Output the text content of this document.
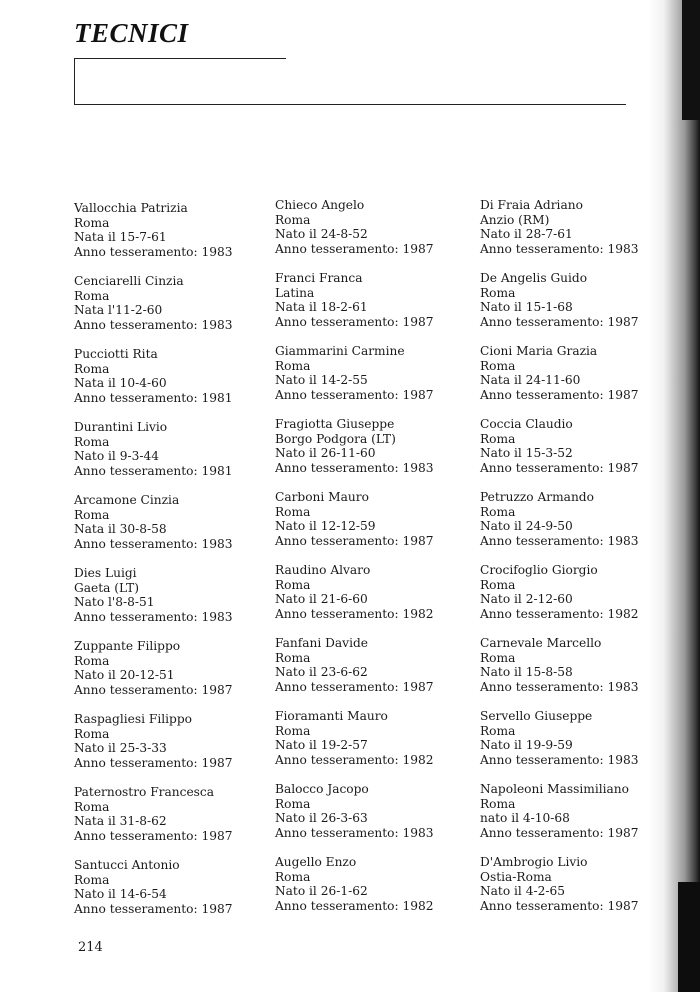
TECNICI
Vallocchia Patrizia
Roma
Nata il 15-7-61
Anno tesseramento: 1983
Cenciarelli Cinzia
Roma
Nata l'11-2-60
Anno tesseramento: 1983
Pucciotti Rita
Roma
Nata il 10-4-60
Anno tesseramento: 1981
Durantini Livio
Roma
Nato il 9-3-44
Anno tesseramento: 1981
Arcamone Cinzia
Roma
Nata il 30-8-58
Anno tesseramento: 1983
Dies Luigi
Gaeta (LT)
Nato l'8-8-51
Anno tesseramento: 1983
Zuppante Filippo
Roma
Nato il 20-12-51
Anno tesseramento: 1987
Raspagliesi Filippo
Roma
Nato il 25-3-33
Anno tesseramento: 1987
Paternostro Francesca
Roma
Nata il 31-8-62
Anno tesseramento: 1987
Santucci Antonio
Roma
Nato il 14-6-54
Anno tesseramento: 1987
Chieco Angelo
Roma
Nato il 24-8-52
Anno tesseramento: 1987
Franci Franca
Latina
Nata il 18-2-61
Anno tesseramento: 1987
Giammarini Carmine
Roma
Nato il 14-2-55
Anno tesseramento: 1987
Fragiotta Giuseppe
Borgo Podgora (LT)
Nato il 26-11-60
Anno tesseramento: 1983
Carboni Mauro
Roma
Nato il 12-12-59
Anno tesseramento: 1987
Raudino Alvaro
Roma
Nato il 21-6-60
Anno tesseramento: 1982
Fanfani Davide
Roma
Nato il 23-6-62
Anno tesseramento: 1987
Fioramanti Mauro
Roma
Nato il 19-2-57
Anno tesseramento: 1982
Balocco Jacopo
Roma
Nato il 26-3-63
Anno tesseramento: 1983
Augello Enzo
Roma
Nato il 26-1-62
Anno tesseramento: 1982
Di Fraia Adriano
Anzio (RM)
Nato il 28-7-61
Anno tesseramento: 1983
De Angelis Guido
Roma
Nato il 15-1-68
Anno tesseramento: 1987
Cioni Maria Grazia
Roma
Nata il 24-11-60
Anno tesseramento: 1987
Coccia Claudio
Roma
Nato il 15-3-52
Anno tesseramento: 1987
Petruzzo Armando
Roma
Nato il 24-9-50
Anno tesseramento: 1983
Crocifoglio Giorgio
Roma
Nato il 2-12-60
Anno tesseramento: 1982
Carnevale Marcello
Roma
Nato il 15-8-58
Anno tesseramento: 1983
Servello Giuseppe
Roma
Nato il 19-9-59
Anno tesseramento: 1983
Napoleoni Massimiliano
Roma
nato il 4-10-68
Anno tesseramento: 1987
D'Ambrogio Livio
Ostia-Roma
Nato il 4-2-65
Anno tesseramento: 1987
214
